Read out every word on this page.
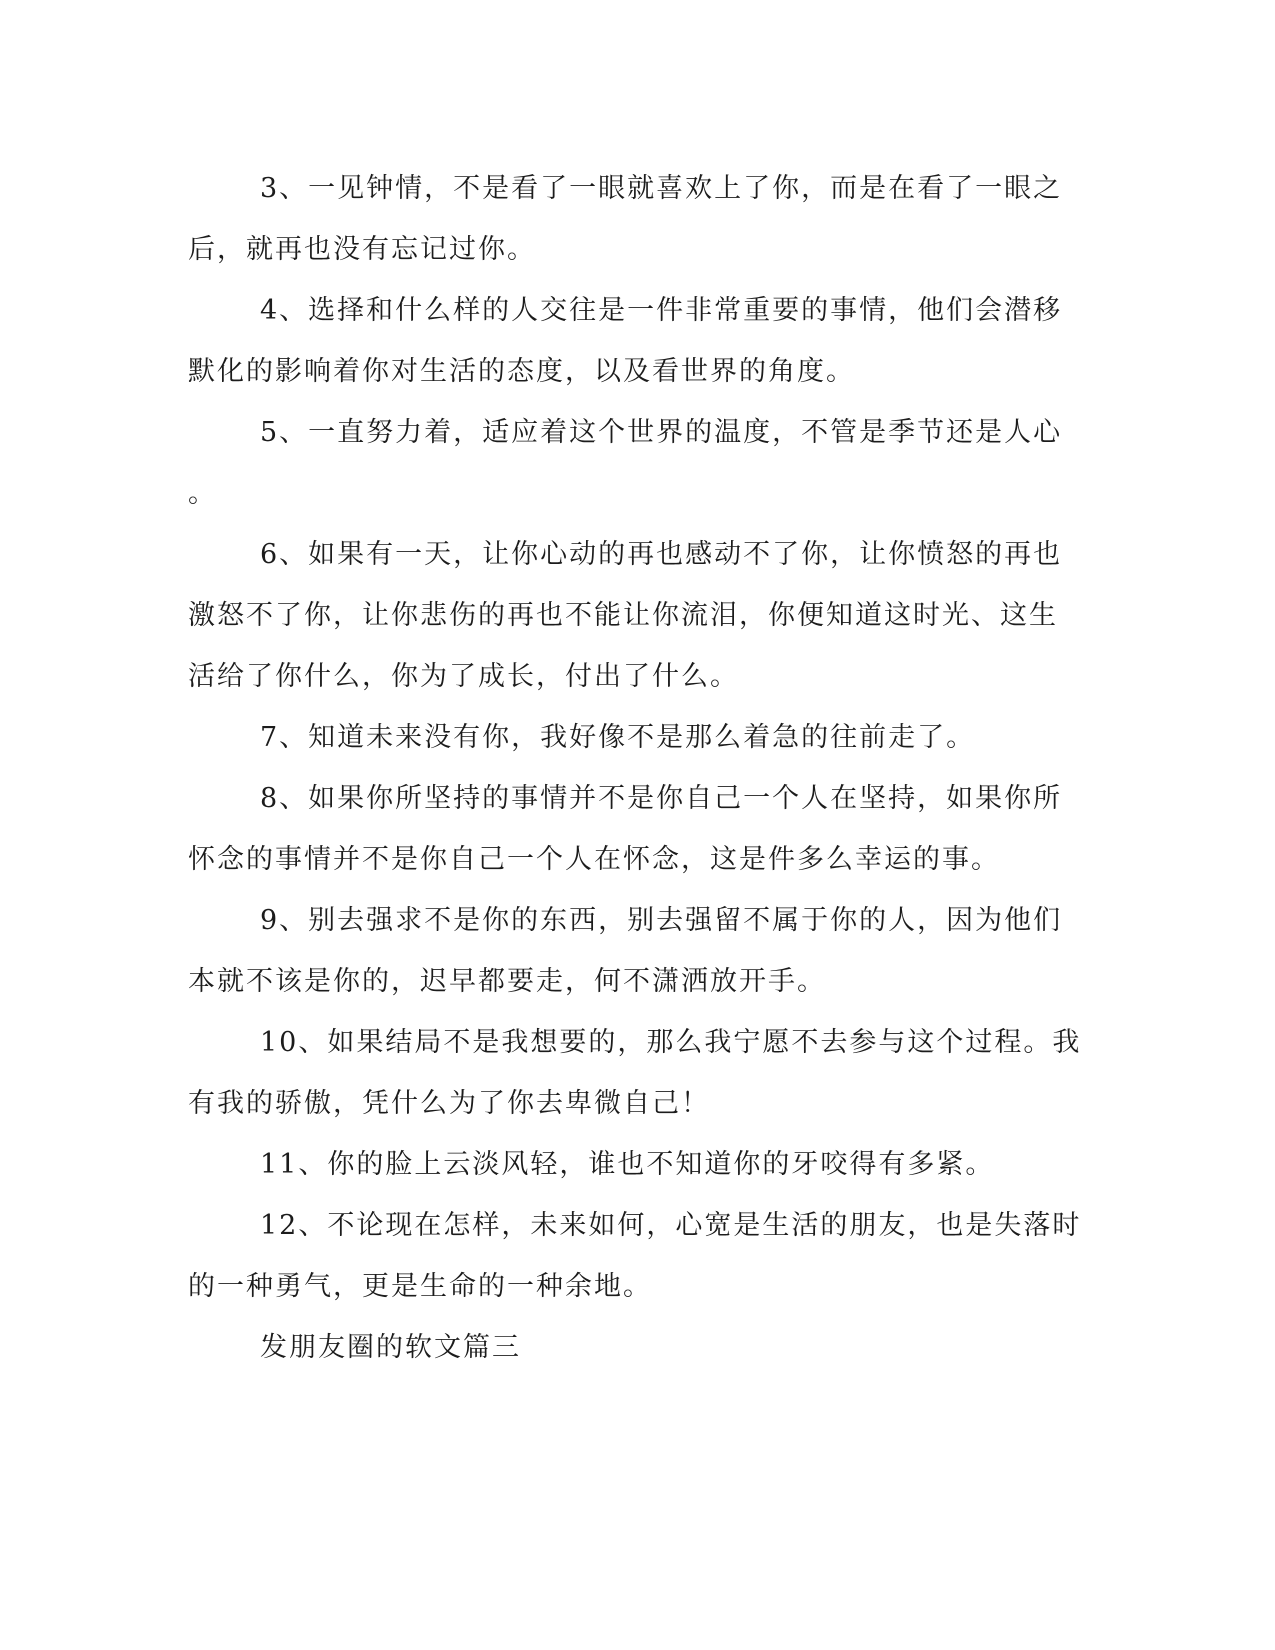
3、一见钟情，不是看了一眼就喜欢上了你，而是在看了一眼之
后，就再也没有忘记过你。
4、选择和什么样的人交往是一件非常重要的事情，他们会潜移
默化的影响着你对生活的态度，以及看世界的角度。
5、一直努力着，适应着这个世界的温度，不管是季节还是人心
。
6、如果有一天，让你心动的再也感动不了你，让你愤怒的再也
激怒不了你，让你悲伤的再也不能让你流泪，你便知道这时光、这生
活给了你什么，你为了成长，付出了什么。
7、知道未来没有你，我好像不是那么着急的往前走了。
8、如果你所坚持的事情并不是你自己一个人在坚持，如果你所
怀念的事情并不是你自己一个人在怀念，这是件多么幸运的事。
9、别去强求不是你的东西，别去强留不属于你的人，因为他们
本就不该是你的，迟早都要走，何不潇洒放开手。
10、如果结局不是我想要的，那么我宁愿不去参与这个过程。我
有我的骄傲，凭什么为了你去卑微自己！
11、你的脸上云淡风轻，谁也不知道你的牙咬得有多紧。
12、不论现在怎样，未来如何，心宽是生活的朋友，也是失落时
的一种勇气，更是生命的一种余地。
发朋友圈的软文篇三
